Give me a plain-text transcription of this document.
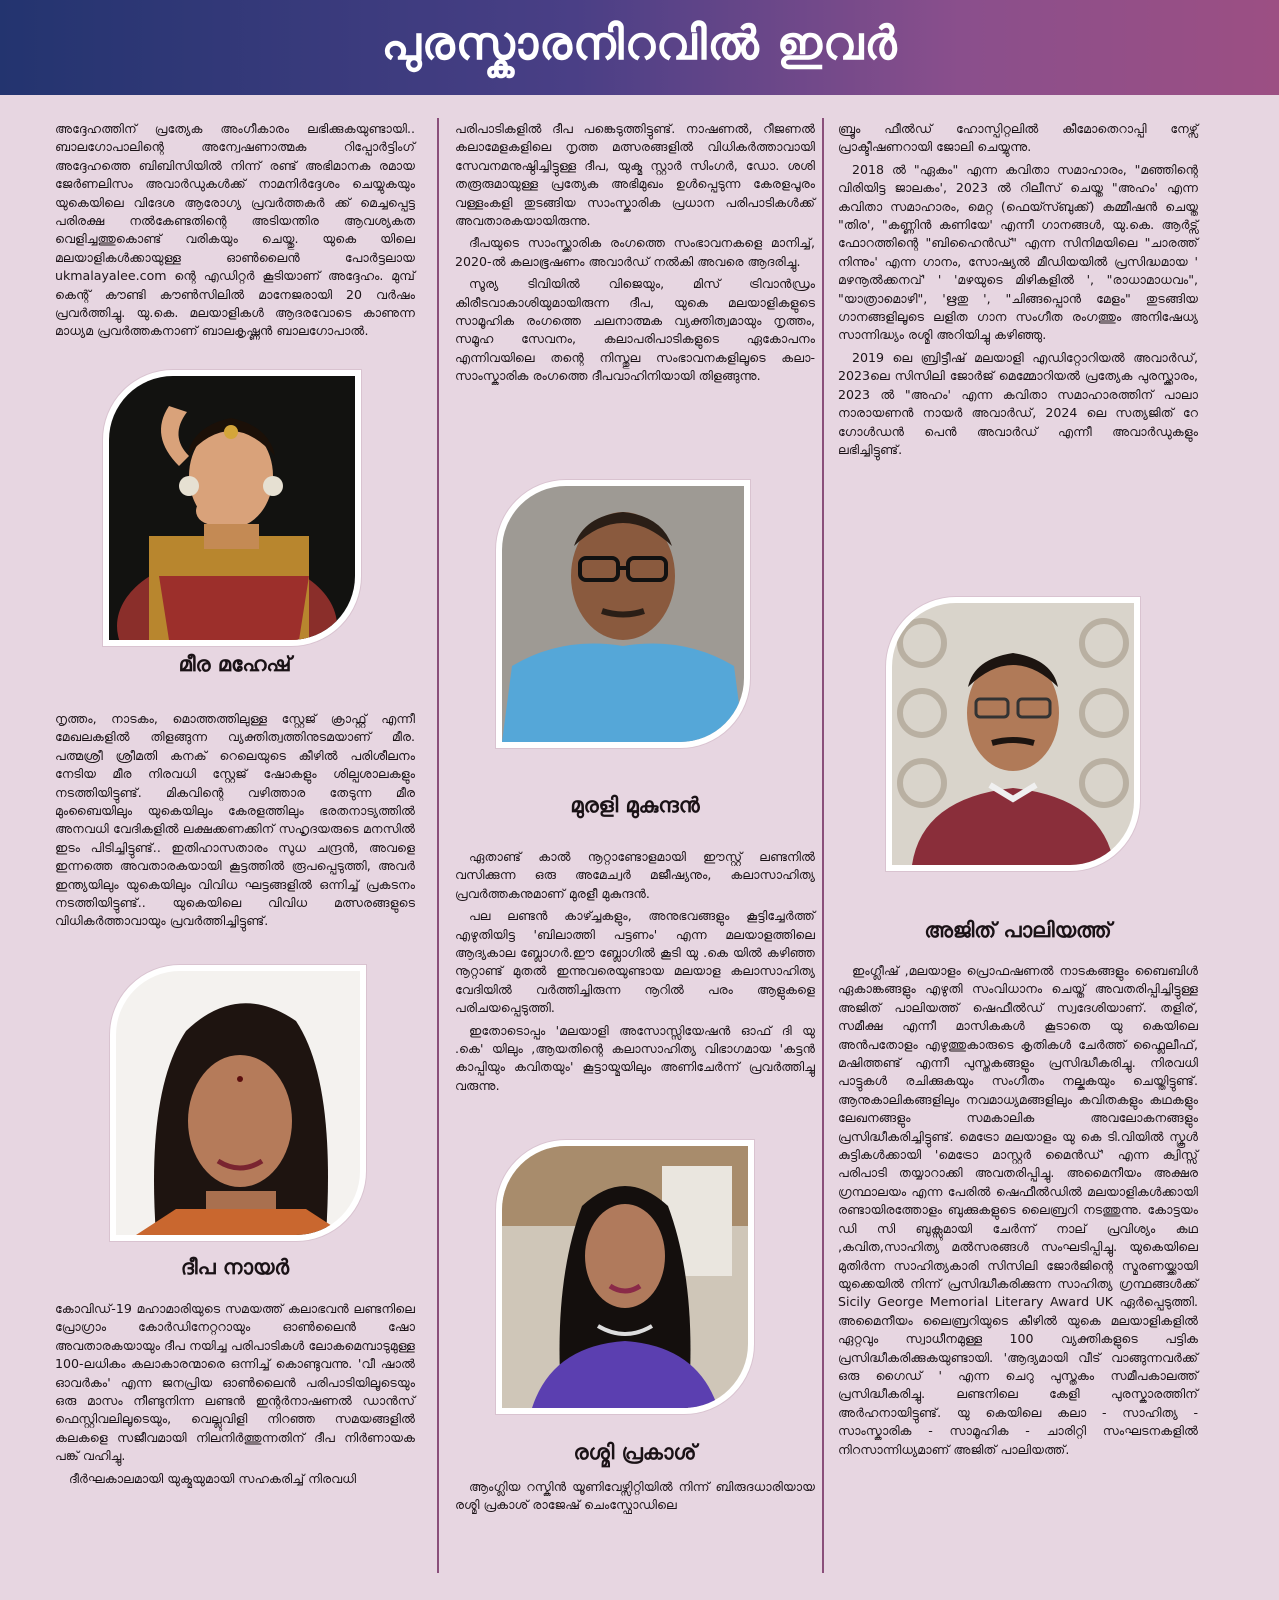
പുരസ്കാരനിറവിൽ ഇവർ

അദ്ദേഹത്തിന് പ്രത്യേക അംഗീകാരം ലഭിക്കുകയുണ്ടായി.. ബാലഗോപാലിന്റെ അന്വേഷണാത്മക റിപ്പോർട്ടിംഗ് അദ്ദേഹത്തെ ബിബിസിയിൽ നിന്ന് രണ്ട് അഭിമാനക രമായ ജേർണലിസം അവാർഡുകൾക്ക് നാമനിർദ്ദേശം ചെയ്യുകയും യുകെയിലെ വിദേശ ആരോഗ്യ പ്രവർത്തകർ ക്ക് മെച്ചപ്പെട്ട പരിരക്ഷ നൽകേണ്ടതിന്റെ അടിയന്തിര ആവശ്യകത വെളിച്ചത്തുകൊണ്ട് വരികയും ചെയ്തു. യുകെ യിലെ മലയാളികൾക്കായുള്ള ഓൺലൈൻ പോർട്ടലായ ukmalayalee.com ന്റെ എഡിറ്റർ കൂടിയാണ് അദ്ദേഹം. മുമ്പ് കെന്റ് കൗണ്ടി കൗൺസിലിൽ മാനേജരായി 20 വർഷം പ്രവർത്തിച്ചു. യു.കെ. മലയാളികൾ ആദരവോടെ കാണുന്ന മാധ്യമ പ്രവർത്തകനാണ് ബാലകൃഷ്ണൻ ബാലഗോപാൽ.

മീര മഹേഷ്

നൃത്തം, നാടകം, മൊത്തത്തിലുള്ള സ്റ്റേജ് ക്രാഫ്റ്റ് എന്നീ മേഖലകളിൽ തിളങ്ങുന്ന വ്യക്തിത്വത്തിനുടമയാണ് മീര. പത്മശ്രീ ശ്രീമതി കനക് റെലെയുടെ കീഴിൽ പരിശീലനം നേടിയ മീര നിരവധി സ്റ്റേജ് ഷോകളും ശില്പശാലകളും നടത്തിയിട്ടുണ്ട്. മികവിന്റെ വഴിത്താര തേടുന്ന മീര മുംബൈയിലും യുകെയിലും കേരളത്തിലും ഭരതനാട്യത്തിൽ അനവധി വേദികളിൽ ലക്ഷക്കണക്കിന് സഹൃദയരുടെ മനസിൽ ഇടം പിടിച്ചിട്ടുണ്ട്.. ഇതിഹാസതാരം സുധ ചന്ദ്രൻ, അവളെ ഇന്നത്തെ അവതാരകയായി കൂട്ടത്തിൽ രൂപപ്പെടുത്തി, അവർ ഇന്ത്യയിലും യുകെയിലും വിവിധ ഘട്ടങ്ങളിൽ ഒന്നിച്ച് പ്രകടനം നടത്തിയിട്ടുണ്ട്.. യുകെയിലെ വിവിധ മത്സരങ്ങളുടെ വിധികർത്താവായും പ്രവർത്തിച്ചിട്ടുണ്ട്.

ദീപ നായർ

കോവിഡ്-19 മഹാമാരിയുടെ സമയത്ത് കലാഭവൻ ലണ്ടനിലെ പ്രോഗ്രാം കോർഡിനേറ്ററായും ഓൺലൈൻ ഷോ അവതാരകയായും ദീപ നയിച്ച പരിപാടികൾ ലോകമെമ്പാടുമുള്ള 100-ലധികം കലാകാരന്മാരെ ഒന്നിച്ച് കൊണ്ടുവന്നു. 'വീ ഷാൽ ഓവർകം' എന്ന ജനപ്രിയ ഓൺലൈൻ പരിപാടിയിലൂടെയും ഒരു മാസം നീണ്ടുനിന്ന ലണ്ടൻ ഇന്റർനാഷണൽ ഡാൻസ് ഫെസ്റ്റിവലിലൂടെയും, വെല്ലുവിളി നിറഞ്ഞ സമയങ്ങളിൽ കലകളെ സജീവമായി നിലനിർത്തുന്നതിന് ദീപ നിർണായക പങ്ക് വഹിച്ചു.

ദീർഘകാലമായി യുക്മയുമായി സഹകരിച്ച് നിരവധി

പരിപാടികളിൽ ദീപ പങ്കെടുത്തിട്ടുണ്ട്. നാഷണൽ, റീജണൽ കലാമേളകളിലെ നൃത്ത മത്സരങ്ങളിൽ വിധികർത്താവായി സേവനമനുഷ്ഠിച്ചിട്ടുള്ള ദീപ, യുക്മ സ്റ്റാർ സിംഗർ, ഡോ. ശശി തരൂരുമായുള്ള പ്രത്യേക അഭിമുഖം ഉൾപ്പെടുന്ന കേരളപൂരം വള്ളംകളി തുടങ്ങിയ സാംസ്കാരിക പ്രധാന പരിപാടികൾക്ക് അവതാരകയായിരുന്നു.

ദീപയുടെ സാംസ്ക്കാരിക രംഗത്തെ സംഭാവനകളെ മാനിച്ച്, 2020-ൽ കലാഭൂഷണം അവാർഡ് നൽകി അവരെ ആദരിച്ചു.

സൂര്യ ടിവിയിൽ വിജെയും, മിസ് ട്രിവാൻഡ്രം കിരീടവാകാശിയുമായിരുന്ന ദീപ, യുകെ മലയാളികളുടെ സാമൂഹിക രംഗത്തെ ചലനാത്മക വ്യക്തിത്വമായും നൃത്തം, സമൂഹ സേവനം, കലാപരിപാടികളുടെ ഏകോപനം എന്നിവയിലെ തന്റെ നിസ്തുല സംഭാവനകളിലൂടെ കലാ-സാംസ്കാരിക രംഗത്തെ ദീപവാഹിനിയായി തിളങ്ങുന്നു.

മുരളി മുകുന്ദൻ

ഏതാണ്ട് കാൽ നൂറ്റാണ്ടോളമായി ഈസ്റ്റ് ലണ്ടനിൽ വസിക്കുന്ന ഒരു അമേച്വർ മജീഷ്യനും, കലാസാഹിത്യ പ്രവർത്തകനുമാണ് മുരളീ മുകുന്ദൻ.

പല ലണ്ടൻ കാഴ്ച്ചകളും, അനുഭവങ്ങളും കൂട്ടിച്ചേർത്ത് എഴുതിയിട്ട 'ബിലാത്തി പട്ടണം' എന്ന മലയാളത്തിലെ ആദ്യകാല ബ്ലോഗർ.ഈ ബ്ലോഗിൽ കൂടി യു .കെ യിൽ കഴിഞ്ഞ നൂറ്റാണ്ട് മുതൽ ഇന്നുവരെയുണ്ടായ മലയാള കലാസാഹിത്യ വേദിയിൽ വർത്തിച്ചിരുന്ന നൂറിൽ പരം ആളുകളെ പരിചയപ്പെടുത്തി.

ഇതോടൊപ്പം 'മലയാളി അസോസ്സിയേഷൻ ഓഫ് ദി യു .കെ' യിലും ,ആയതിന്റെ കലാസാഹിത്യ വിഭാഗമായ 'കട്ടൻ കാപ്പിയും കവിതയും' കൂട്ടായ്മയിലും അണിചേർന്ന് പ്രവർത്തിച്ചു വരുന്നു.

രശ്മി പ്രകാശ്

ആംഗ്ലിയ റസ്കിൻ യൂണിവേഴ്സിറ്റിയിൽ നിന്ന് ബിരുദധാരിയായ രശ്മി പ്രകാശ് രാജേഷ് ചെംസ്ഫോഡിലെ

ബ്രൂം ഫീൽഡ് ഹോസ്പിറ്റലിൽ കീമോതെറാപ്പി നേഴ്സ് പ്രാക്ടീഷണറായി ജോലി ചെയ്യുന്നു.

2018 ൽ "ഏകം" എന്ന കവിതാ സമാഹാരം, "മഞ്ഞിന്റെ വിരിയിട്ട ജാലകം', 2023 ൽ റിലീസ് ചെയ്ത "അഹം' എന്ന കവിതാ സമാഹാരം, മെറ്റ (ഫെയ്സ്ബുക്ക്) കമ്മീഷൻ ചെയ്ത "തിര', "കണ്ണിൻ കണിയേ' എന്നീ ഗാനങ്ങൾ, യു.കെ. ആർട്സ് ഫോറത്തിന്റെ "ബിഹൈൻഡ്" എന്ന സിനിമയിലെ "ചാരത്ത് നിന്നും' എന്ന ഗാനം, സോഷ്യൽ മീഡിയയിൽ പ്രസിദ്ധമായ ' മഴനൂൽക്കനവ്' ' 'മഴയുടെ മിഴികളിൽ ', "രാധാമാധവം", "യാത്രാമൊഴി", 'ഋതു ', "ചിങ്ങപ്പൊൻ മേളം" തുടങ്ങിയ ഗാനങ്ങളിലൂടെ ലളിത ഗാന സംഗീത രംഗത്തും അനിഷേധ്യ സാന്നിദ്ധ്യം രശ്മി അറിയിച്ചു കഴിഞ്ഞു.

2019 ലെ ബ്രിട്ടീഷ് മലയാളി എഡിറ്റോറിയൽ അവാർഡ്, 2023ലെ സിസിലി ജോർജ് മെമ്മോറിയൽ പ്രത്യേക പുരസ്ക്കാരം, 2023 ൽ "അഹം' എന്ന കവിതാ സമാഹാരത്തിന് പാലാ നാരായണൻ നായർ അവാർഡ്, 2024 ലെ സത്യജിത് റേ ഗോൾഡൻ പെൻ അവാർഡ് എന്നീ അവാർഡുകളും ലഭിച്ചിട്ടുണ്ട്.

അജിത് പാലിയത്ത്

ഇംഗ്ലീഷ് ,മലയാളം പ്രൊഫഷണൽ നാടകങ്ങളും ബൈബിൾ ഏകാങ്കങ്ങളും എഴുതി സംവിധാനം ചെയ്ത് അവതരിപ്പിച്ചിട്ടുള്ള അജിത് പാലിയത്ത് ഷെഫീൽഡ് സ്വദേശിയാണ്. തളിര്, സമീക്ഷ എന്നീ മാസികകൾ കൂടാതെ യു കെയിലെ അൻപതോളം എഴുത്തുകാരുടെ കൃതികൾ ചേർത്ത് ഫ്ലൈലീഫ്, മഷിത്തണ്ട് എന്നീ പുസ്തകങ്ങളും പ്രസിദ്ധീകരിച്ചു. നിരവധി പാട്ടുകൾ രചിക്കുകയും സംഗീതം നല്കുകയും ചെയ്തിട്ടുണ്ട്. ആനുകാലികങ്ങളിലും നവമാധ്യമങ്ങളിലും കവിതകളും കഥകളും ലേഖനങ്ങളും സമകാലിക അവലോകനങ്ങളും പ്രസിദ്ധീകരിച്ചിട്ടുണ്ട്. മെട്രോ മലയാളം യു കെ ടി.വിയിൽ സ്കൂൾ കുട്ടികൾക്കായി 'മെട്രോ മാസ്റ്റർ മൈൻഡ്' എന്ന ക്വിസ്സ് പരിപാടി തയ്യാറാക്കി അവതരിപ്പിച്ചു. അമൈനീയം അക്ഷര ഗ്രന്ഥാലയം എന്ന പേരിൽ ഷെഫീൽഡിൽ മലയാളികൾക്കായി രണ്ടായിരത്തോളം ബുക്കുകളുടെ ലൈബ്രറി നടത്തുന്നു. കോട്ടയം ഡി സി ബുക്സുമായി ചേർന്ന് നാല് പ്രവിശ്യം കഥ ,കവിത,സാഹിത്യ മൽസരങ്ങൾ സംഘടിപ്പിച്ചു. യുകെയിലെ മുതിർന്ന സാഹിത്യകാരി സിസിലി ജോർജിന്റെ സ്മരണയ്ക്കായി യുക്കെയിൽ നിന്ന് പ്രസിദ്ധീകരിക്കുന്ന സാഹിത്യ ഗ്രന്ഥങ്ങൾക്ക് Sicily George Memorial Literary Award UK ഏർപ്പെടുത്തി. അമൈനീയം ലൈബ്രറിയുടെ കീഴിൽ യുകെ മലയാളികളിൽ ഏറ്റവും സ്വാധീനമുള്ള 100 വ്യക്തികളുടെ പട്ടിക പ്രസിദ്ധീകരിക്കുകയുണ്ടായി. 'ആദ്യമായി വീട് വാങ്ങുന്നവർക്ക് ഒരു ഗൈഡ് ' എന്ന ചെറു പുസ്തകം സമീപകാലത്ത് പ്രസിദ്ധീകരിച്ചു. ലണ്ടനിലെ കേളി പുരസ്കാരത്തിന് അർഹനായിട്ടുണ്ട്. യു കെയിലെ കലാ - സാഹിത്യ - സാംസ്കാരിക - സാമൂഹിക - ചാരിറ്റി സംഘടനകളിൽ നിറസാന്നിധ്യമാണ് അജിത് പാലിയത്ത്.
